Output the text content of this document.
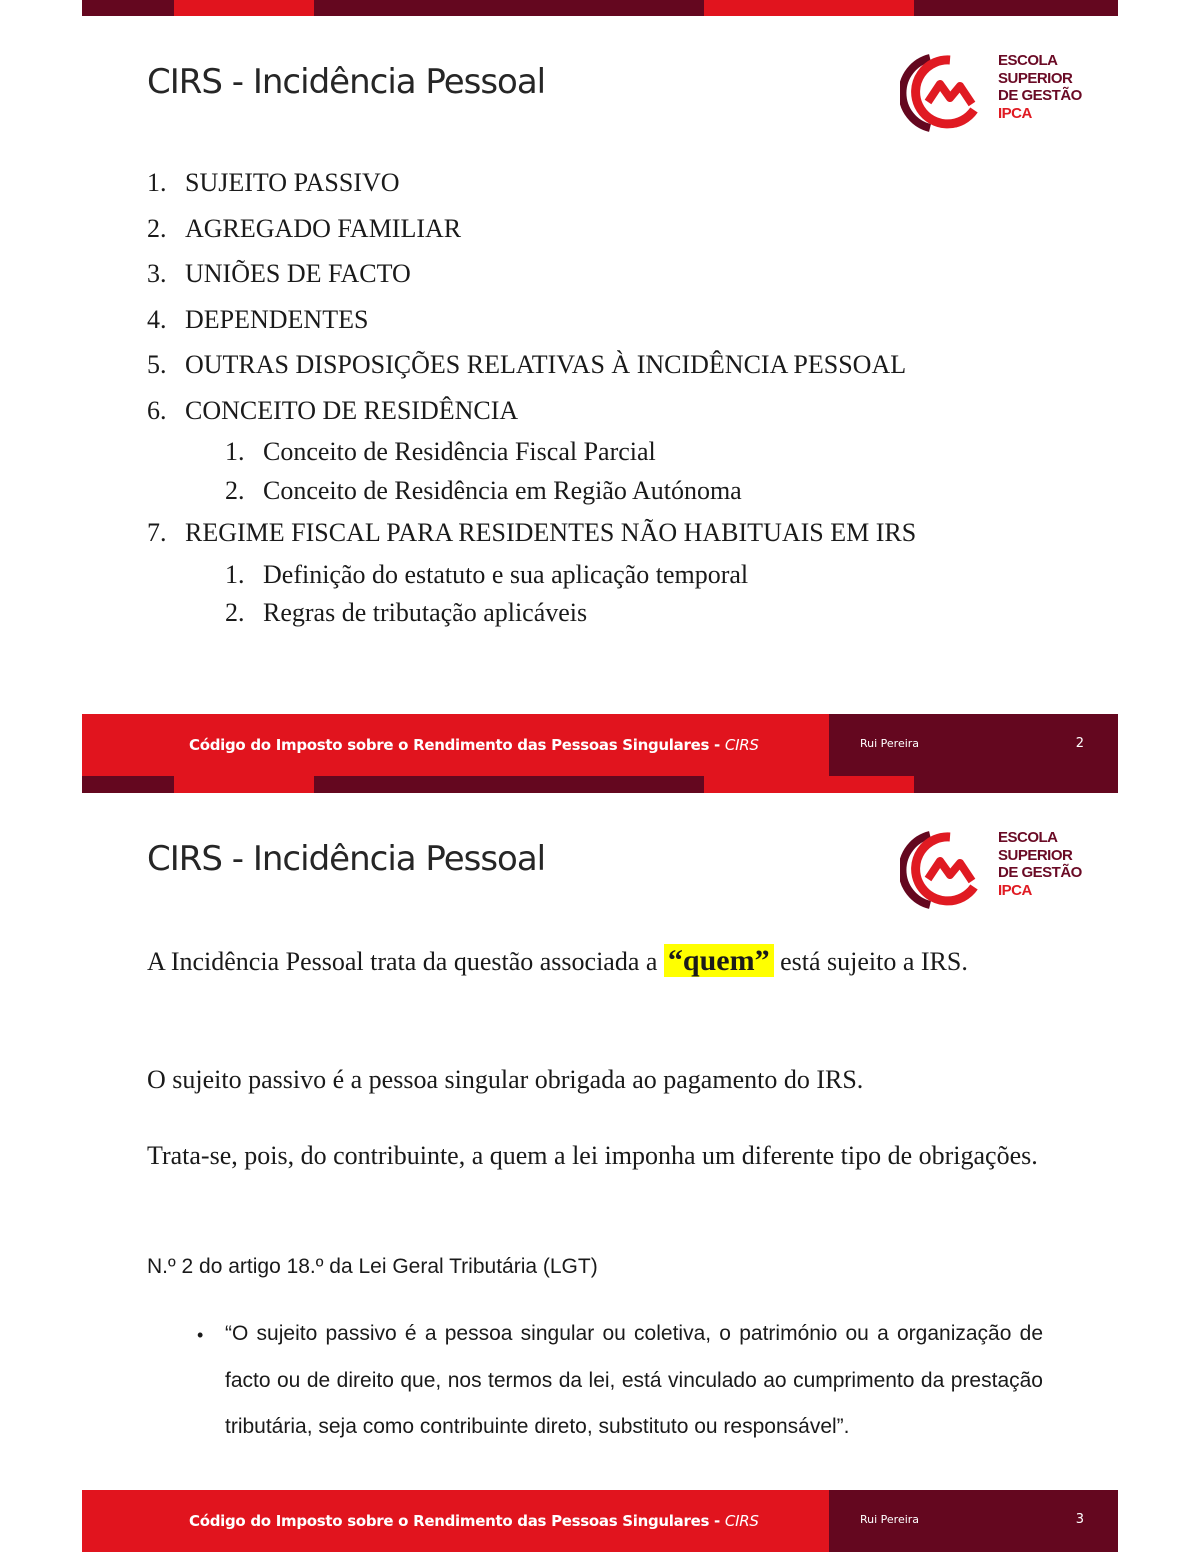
CIRS - Incidência Pessoal
ESCOLA
SUPERIOR
DE GESTÃO
IPCA
1. SUJEITO PASSIVO
2. AGREGADO FAMILIAR
3. UNIÕES DE FACTO
4. DEPENDENTES
5. OUTRAS DISPOSIÇÕES RELATIVAS À INCIDÊNCIA PESSOAL
6. CONCEITO DE RESIDÊNCIA
1. Conceito de Residência Fiscal Parcial
2. Conceito de Residência em Região Autónoma
7. REGIME FISCAL PARA RESIDENTES NÃO HABITUAIS EM IRS
1. Definição do estatuto e sua aplicação temporal
2. Regras de tributação aplicáveis
Código do Imposto sobre o Rendimento das Pessoas Singulares - CIRS	Rui Pereira	2
CIRS - Incidência Pessoal
ESCOLA
SUPERIOR
DE GESTÃO
IPCA

A Incidência Pessoal trata da questão associada a “quem” está sujeito a IRS.

O sujeito passivo é a pessoa singular obrigada ao pagamento do IRS.

Trata-se, pois, do contribuinte, a quem a lei imponha um diferente tipo de obrigações.

N.º 2 do artigo 18.º da Lei Geral Tributária (LGT)

• “O sujeito passivo é a pessoa singular ou coletiva, o património ou a organização de facto ou de direito que, nos termos da lei, está vinculado ao cumprimento da prestação tributária, seja como contribuinte direto, substituto ou responsável”.

Código do Imposto sobre o Rendimento das Pessoas Singulares - CIRS	Rui Pereira	3
